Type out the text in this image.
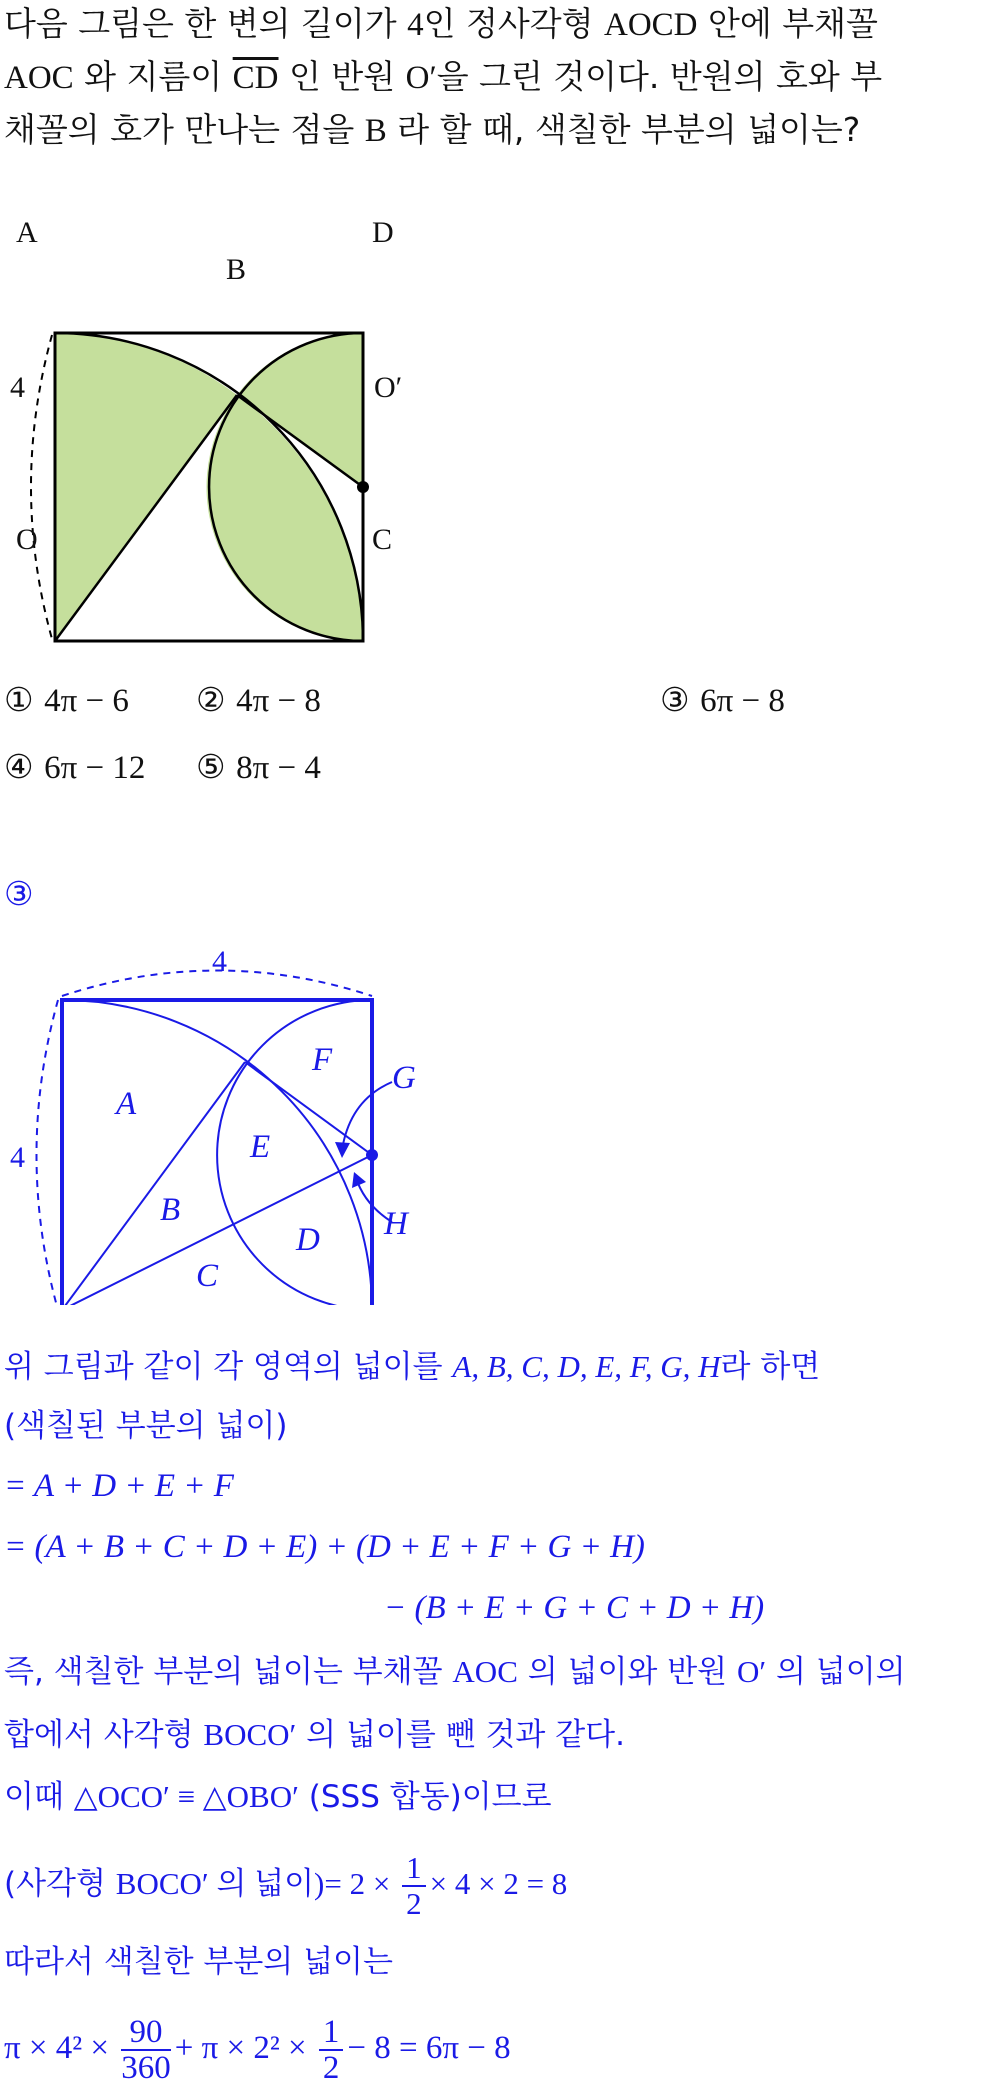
다음 그림은 한 변의 길이가 4인 정사각형 AOCD 안에 부채꼴
AOC 와 지름이 $\overline{CD}$ 인 반원 O′을 그린 것이다. 반원의 호와 부
채꼴의 호가 만나는 점을 B 라 할 때, 색칠한 부분의 넓이는?
A	D
B
O′
4
O	C
① 4π − 6 ② 4π − 8	③ 6π − 8
④ 6π − 12 ⑤ 8π − 4
③
4
4
A
B
C
D
E
F G
H
위 그림과 같이 각 영역의 넓이를 A, B, C, D, E, F, G, H라 하면
(색칠된 부분의 넓이)
= A + D + E + F
= (A + B + C + D + E) + (D + E + F + G + H)
− (B + E + G + C + D + H)
즉, 색칠한 부분의 넓이는 부채꼴 AOC 의 넓이와 반원 O′ 의 넓이의
합에서 사각형 BOCO′ 의 넓이를 뺀 것과 같다.
이때 △OCO′ ≡ △OBO′ (SSS 합동)이므로
(사각형 BOCO′ 의 넓이)= $2 \times \frac{1}{2} \times 4 \times 2 = 8$
따라서 색칠한 부분의 넓이는
$\pi \times 4^2 \times \frac{90}{360} + \pi \times 2^2 \times \frac{1}{2} - 8 = 6\pi - 8$
